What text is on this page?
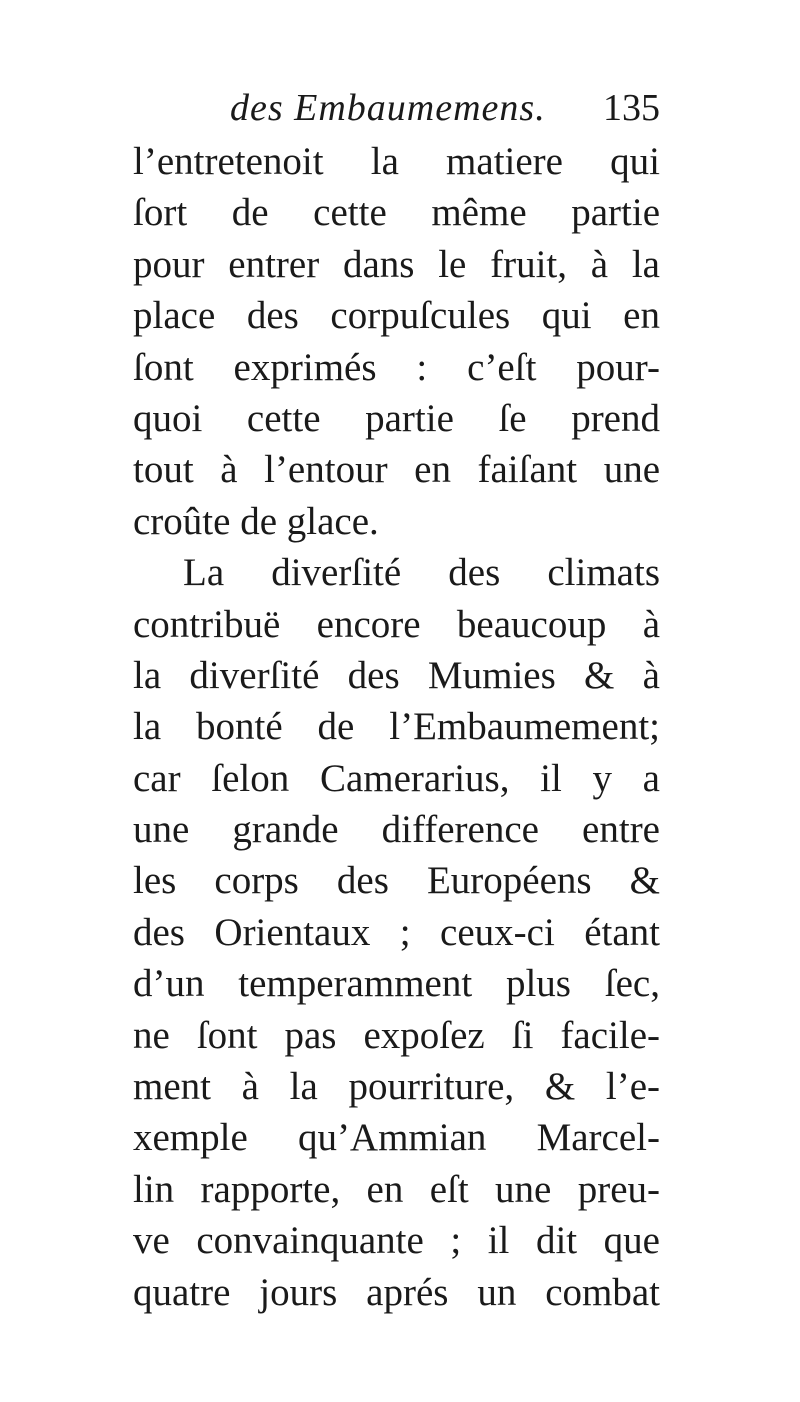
des Embaumemens. 135
l’entretenoit la matiere qui
ſort de cette même partie
pour entrer dans le fruit, à la
place des corpuſcules qui en
ſont exprimés : c’eſt pour-
quoi cette partie ſe prend
tout à l’entour en faiſant une
croûte de glace.
La diverſité des climats
contribuë encore beaucoup à
la diverſité des Mumies & à
la bonté de l’Embaumement;
car ſelon Camerarius, il y a
une grande difference entre
les corps des Européens &
des Orientaux ; ceux-ci étant
d’un temperamment plus ſec,
ne ſont pas expoſez ſi facile-
ment à la pourriture, & l’e-
xemple qu’Ammian Marcel-
lin rapporte, en eſt une preu-
ve convainquante ; il dit que
quatre jours aprés un combat
